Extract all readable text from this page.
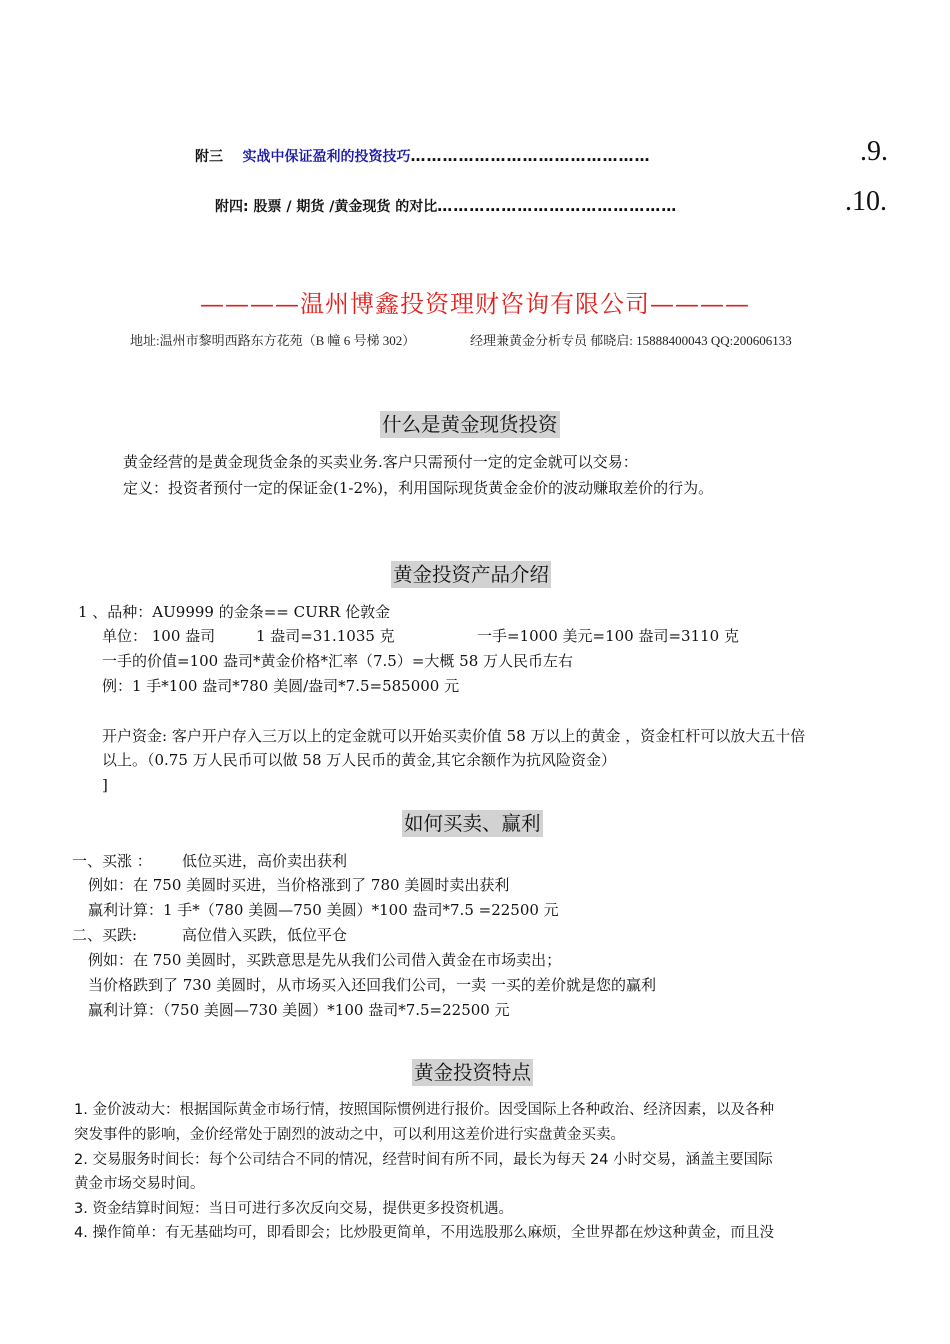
附三 实战中保证盈利的投资技巧………………………………………	.9.
附四: 股票 / 期货 /黄金现货 的对比………………………………………	.10.
————温州博鑫投资理财咨询有限公司————
地址:温州市黎明西路东方花苑（B 幢 6 号梯 302）	经理兼黄金分析专员 郁晓启: 15888400043 QQ:200606133
什么是黄金现货投资
黄金经营的是黄金现货金条的买卖业务.客户只需预付一定的定金就可以交易：
定义：投资者预付一定的保证金(1-2%)，利用国际现货黄金金价的波动赚取差价的行为。
黄金投资产品介绍
1 、品种：AU9999 的金条== CURR 伦敦金
单位： 100 盎司	1 盎司=31.1035 克	一手=1000 美元=100 盎司=3110 克
一手的价值=100 盎司*黄金价格*汇率（7.5）=大概 58 万人民币左右
例：1 手*100 盎司*780 美圆/盎司*7.5=585000 元
开户资金: 客户开户存入三万以上的定金就可以开始买卖价值 58 万以上的黄金 ，资金杠杆可以放大五十倍
以上。（0.75 万人民币可以做 58 万人民币的黄金,其它余额作为抗风险资金）
]
如何买卖、赢利
一、买涨 ： 低位买进，高价卖出获利
例如：在 750 美圆时买进，当价格涨到了 780 美圆时卖出获利
赢利计算：1 手*（780 美圆—750 美圆）*100 盎司*7.5 =22500 元
二、买跌:	高位借入买跌，低位平仓
例如：在 750 美圆时，买跌意思是先从我们公司借入黄金在市场卖出；
当价格跌到了 730 美圆时，从市场买入还回我们公司，一卖 一买的差价就是您的赢利
赢利计算：（750 美圆—730 美圆）*100 盎司*7.5=22500 元
黄金投资特点
1. 金价波动大：根据国际黄金市场行情，按照国际惯例进行报价。因受国际上各种政治、经济因素，以及各种
突发事件的影响，金价经常处于剧烈的波动之中，可以利用这差价进行实盘黄金买卖。
2. 交易服务时间长：每个公司结合不同的情况，经营时间有所不同，最长为每天 24 小时交易，涵盖主要国际
黄金市场交易时间。
3. 资金结算时间短：当日可进行多次反向交易，提供更多投资机遇。
4. 操作简单：有无基础均可，即看即会；比炒股更简单，不用选股那么麻烦，全世界都在炒这种黄金，而且没
